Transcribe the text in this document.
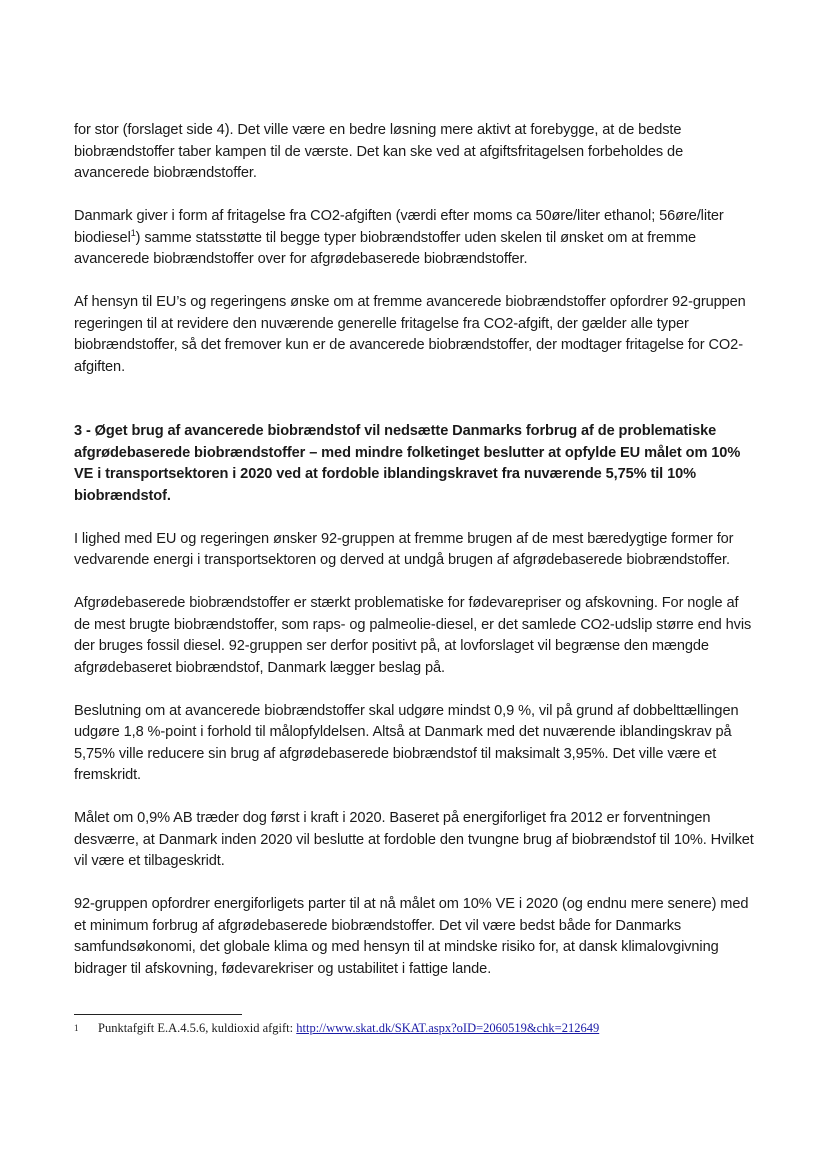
for stor (forslaget side 4). Det ville være en bedre løsning mere aktivt at forebygge, at de bedste biobrændstoffer taber kampen til de værste. Det kan ske ved at afgiftsfritagelsen forbeholdes de avancerede biobrændstoffer.

Danmark giver i form af fritagelse fra CO2-afgiften (værdi efter moms ca 50øre/liter ethanol; 56øre/liter biodiesel$^1$) samme statsstøtte til begge typer biobrændstoffer uden skelen til ønsket om at fremme avancerede biobrændstoffer over for afgrødebaserede biobrændstoffer.

Af hensyn til EU’s og regeringens ønske om at fremme avancerede biobrændstoffer opfordrer 92-gruppen regeringen til at revidere den nuværende generelle fritagelse fra CO2-afgift, der gælder alle typer biobrændstoffer, så det fremover kun er de avancerede biobrændstoffer, der modtager fritagelse for CO2-afgiften.

3 - Øget brug af avancerede biobrændstof vil nedsætte Danmarks forbrug af de problematiske afgrødebaserede biobrændstoffer – med mindre folketinget beslutter at opfylde EU målet om 10% VE i transportsektoren i 2020 ved at fordoble iblandingskravet fra nuværende 5,75% til 10% biobrændstof.

I lighed med EU og regeringen ønsker 92-gruppen at fremme brugen af de mest bæredygtige former for vedvarende energi i transportsektoren og derved at undgå brugen af afgrødebaserede biobrændstoffer.

Afgrødebaserede biobrændstoffer er stærkt problematiske for fødevarepriser og afskovning. For nogle af de mest brugte biobrændstoffer, som raps- og palmeolie-diesel, er det samlede CO2-udslip større end hvis der bruges fossil diesel. 92-gruppen ser derfor positivt på, at lovforslaget vil begrænse den mængde afgrødebaseret biobrændstof, Danmark lægger beslag på.

Beslutning om at avancerede biobrændstoffer skal udgøre mindst 0,9 %, vil på grund af dobbelttællingen udgøre 1,8 %-point i forhold til målopfyldelsen. Altså at Danmark med det nuværende iblandingskrav på 5,75% ville reducere sin brug af afgrødebaserede biobrændstof til maksimalt 3,95%. Det ville være et fremskridt.

Målet om 0,9% AB træder dog først i kraft i 2020. Baseret på energiforliget fra 2012 er forventningen desværre, at Danmark inden 2020 vil beslutte at fordoble den tvungne brug af biobrændstof til 10%. Hvilket vil være et tilbageskridt.

92-gruppen opfordrer energiforligets parter til at nå målet om 10% VE i 2020 (og endnu mere senere) med et minimum forbrug af afgrødebaserede biobrændstoffer. Det vil være bedst både for Danmarks samfundsøkonomi, det globale klima og med hensyn til at mindske risiko for, at dansk klimalovgivning bidrager til afskovning, fødevarekriser og ustabilitet i fattige lande.

1 Punktafgift E.A.4.5.6, kuldioxid afgift: http://www.skat.dk/SKAT.aspx?oID=2060519&chk=212649
